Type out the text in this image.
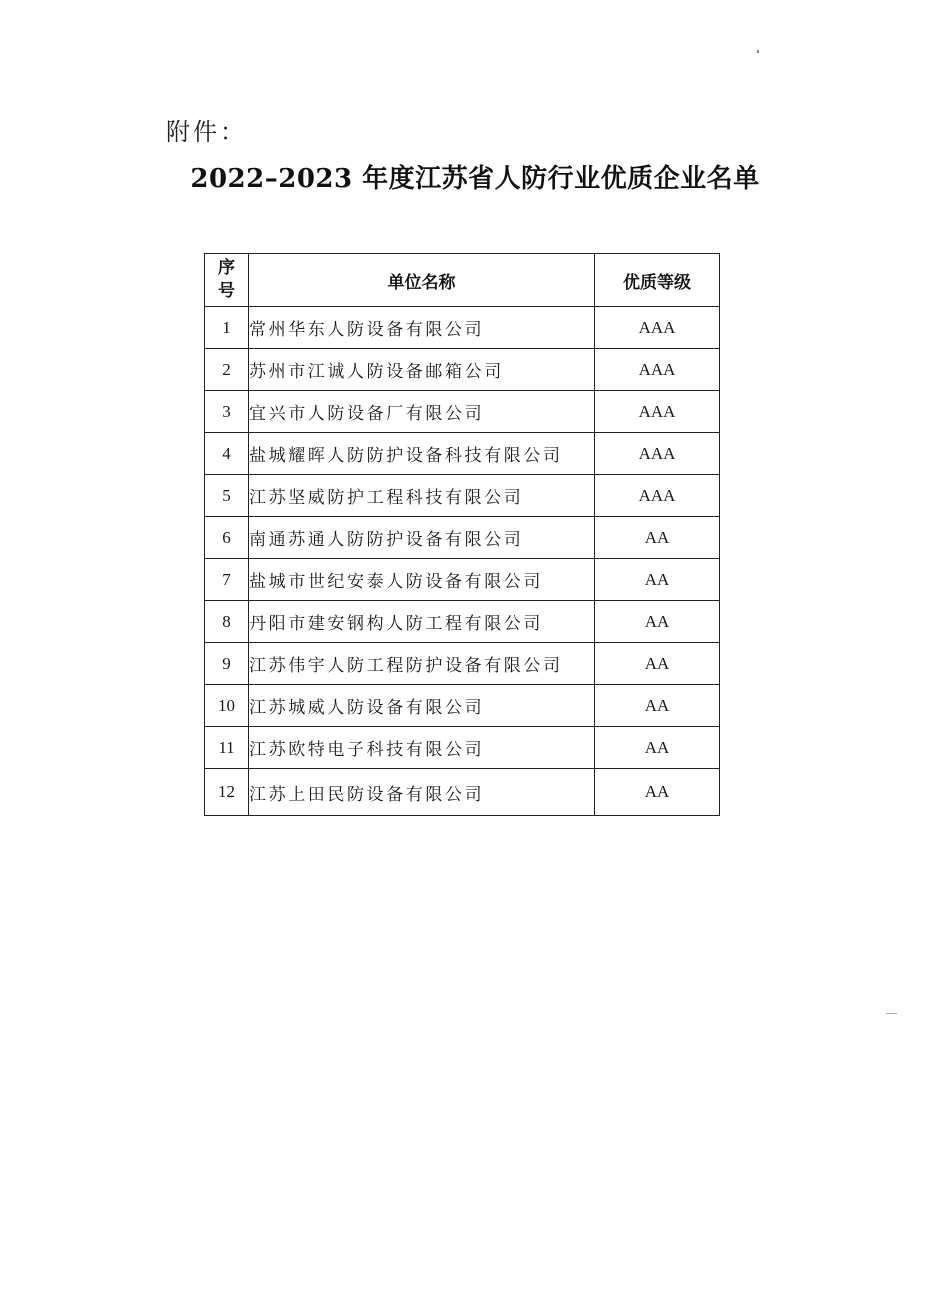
附件：
2022–2023 年度江苏省人防行业优质企业名单
序
号	单位名称	优质等级
1	常州华东人防设备有限公司	AAA
2	苏州市江诚人防设备邮箱公司	AAA
3	宜兴市人防设备厂有限公司	AAA
4	盐城耀晖人防防护设备科技有限公司	AAA
5	江苏坚威防护工程科技有限公司	AAA
6	南通苏通人防防护设备有限公司	AA
7	盐城市世纪安泰人防设备有限公司	AA
8	丹阳市建安钢构人防工程有限公司	AA
9	江苏伟宇人防工程防护设备有限公司	AA
10	江苏城威人防设备有限公司	AA
11	江苏欧特电子科技有限公司	AA
12	江苏上田民防设备有限公司	AA
